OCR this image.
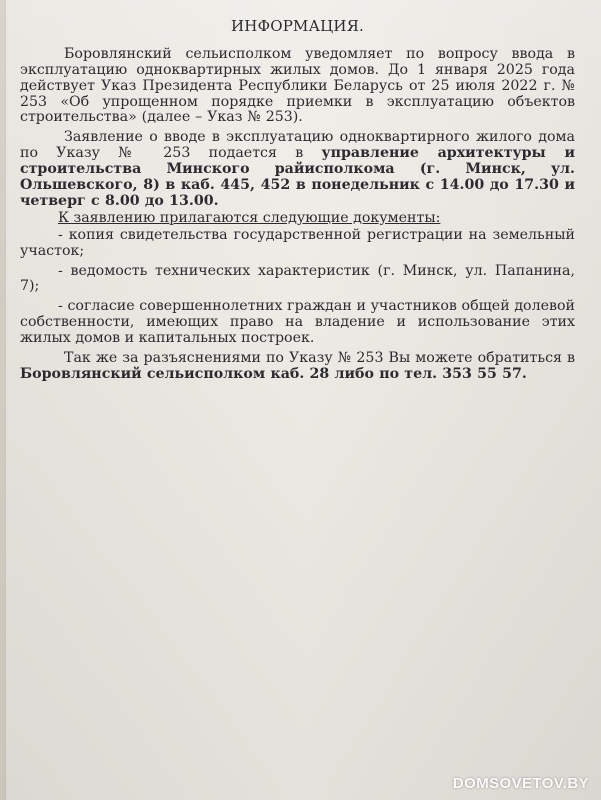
ИНФОРМАЦИЯ.

Боровлянский сельисполком уведомляет по вопросу ввода в эксплуатацию одноквартирных жилых домов. До 1 января 2025 года действует Указ Президента Республики Беларусь от 25 июля 2022 г. № 253 «Об упрощенном порядке приемки в эксплуатацию объектов строительства» (далее – Указ № 253).

Заявление о вводе в эксплуатацию одноквартирного жилого дома по Указу № 253 подается в управление архитектуры и строительства Минского райисполкома (г. Минск, ул. Ольшевского, 8) в каб. 445, 452 в понедельник с 14.00 до 17.30 и четверг с 8.00 до 13.00.

К заявлению прилагаются следующие документы:

- копия свидетельства государственной регистрации на земельный участок;

- ведомость технических характеристик (г. Минск, ул. Папанина, 7);

- согласие совершеннолетних граждан и участников общей долевой собственности, имеющих право на владение и использование этих жилых домов и капитальных построек.

Так же за разъяснениями по Указу № 253 Вы можете обратиться в Боровлянский сельисполком каб. 28 либо по тел. 353 55 57.

DOMSOVETOV.BY
